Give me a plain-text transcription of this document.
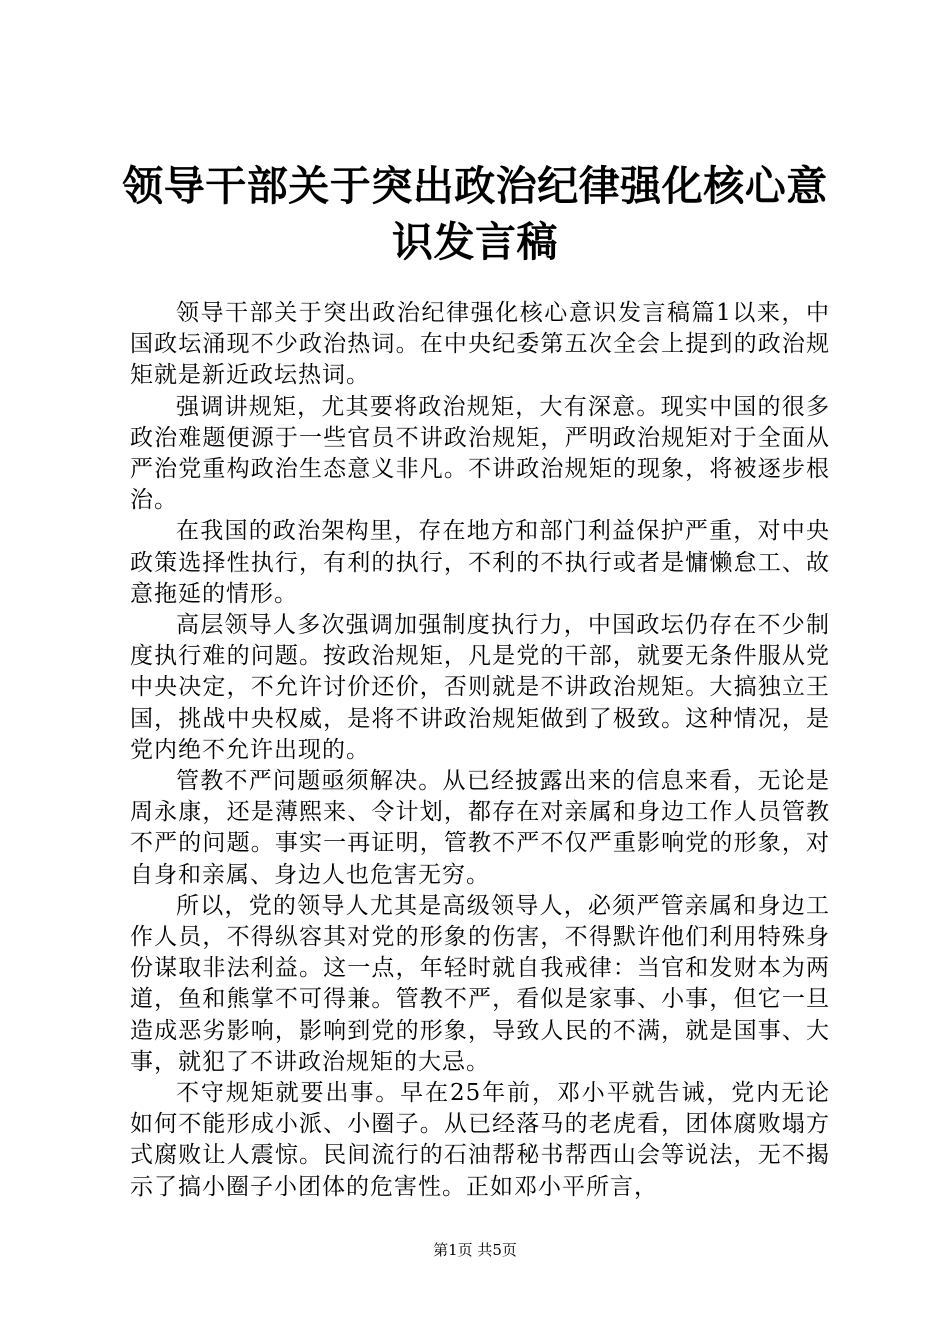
领导干部关于突出政治纪律强化核心意识发言稿

领导干部关于突出政治纪律强化核心意识发言稿篇1以来，中国政坛涌现不少政治热词。在中央纪委第五次全会上提到的政治规矩就是新近政坛热词。

强调讲规矩，尤其要将政治规矩，大有深意。现实中国的很多政治难题便源于一些官员不讲政治规矩，严明政治规矩对于全面从严治党重构政治生态意义非凡。不讲政治规矩的现象，将被逐步根治。

在我国的政治架构里，存在地方和部门利益保护严重，对中央政策选择性执行，有利的执行，不利的不执行或者是慵懒怠工、故意拖延的情形。

高层领导人多次强调加强制度执行力，中国政坛仍存在不少制度执行难的问题。按政治规矩，凡是党的干部，就要无条件服从党中央决定，不允许讨价还价，否则就是不讲政治规矩。大搞独立王国，挑战中央权威，是将不讲政治规矩做到了极致。这种情况，是党内绝不允许出现的。

管教不严问题亟须解决。从已经披露出来的信息来看，无论是周永康，还是薄熙来、令计划，都存在对亲属和身边工作人员管教不严的问题。事实一再证明，管教不严不仅严重影响党的形象，对自身和亲属、身边人也危害无穷。

所以，党的领导人尤其是高级领导人，必须严管亲属和身边工作人员，不得纵容其对党的形象的伤害，不得默许他们利用特殊身份谋取非法利益。这一点，年轻时就自我戒律：当官和发财本为两道，鱼和熊掌不可得兼。管教不严，看似是家事、小事，但它一旦造成恶劣影响，影响到党的形象，导致人民的不满，就是国事、大事，就犯了不讲政治规矩的大忌。

不守规矩就要出事。早在25年前，邓小平就告诫，党内无论如何不能形成小派、小圈子。从已经落马的老虎看，团体腐败塌方式腐败让人震惊。民间流行的石油帮秘书帮西山会等说法，无不揭示了搞小圈子小团体的危害性。正如邓小平所言，

第1页 共5页
